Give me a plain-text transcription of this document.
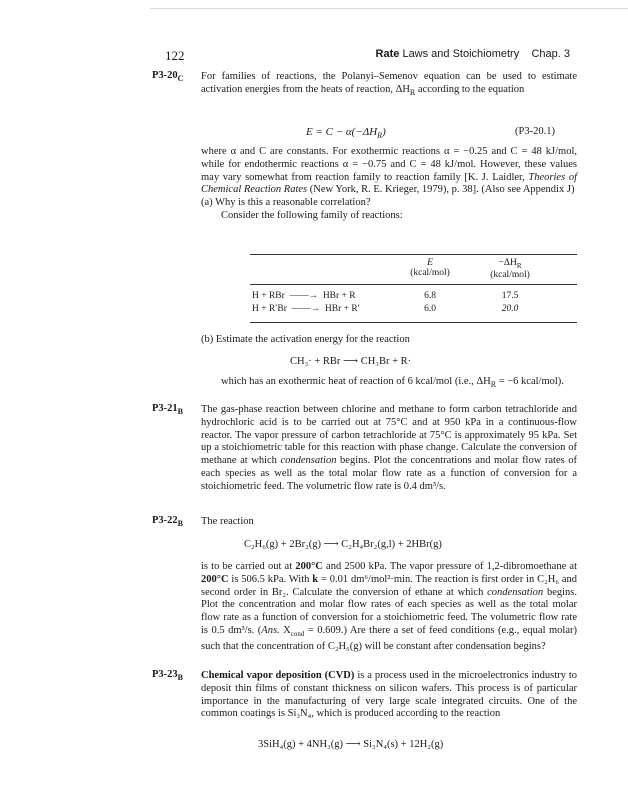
122	Rate Laws and Stoichiometry Chap. 3
$P3-20_C$ For families of reactions, the Polanyi–Semenov equation can be used to estimate activation energies from the heats of reaction, $\Delta H_R$ according to the equation

$E = C - \alpha(-\Delta H_R)$	(P3-20.1)

where α and C are constants. For exothermic reactions α = −0.25 and C = 48 kJ/mol, while for endothermic reactions α = −0.75 and C = 48 kJ/mol. However, these values may vary somewhat from reaction family to reaction family [K. J. Laidler, Theories of Chemical Reaction Rates (New York, R. E. Krieger, 1979), p. 38]. (Also see Appendix J)

(a) Why is this a reasonable correlation?

Consider the following family of reactions:

E
(kcal/mol)
$-\Delta H_R$
(kcal/mol)
H + RBr  ——→  HBr + R	6.8	17.5
H + R′Br  ——→  HBr + R′	6.0	20.0
(b) Estimate the activation energy for the reaction
CH₃· + RBr ⟶ CH₃Br + R·
which has an exothermic heat of reaction of 6 kcal/mol (i.e., $\Delta H_R = -6$ kcal/mol).
$P3-21_B$ The gas-phase reaction between chlorine and methane to form carbon tetrachloride and hydrochloric acid is to be carried out at 75°C and at 950 kPa in a continuous-flow reactor. The vapor pressure of carbon tetrachloride at 75°C is approximately 95 kPa. Set up a stoichiometric table for this reaction with phase change. Calculate the conversion of methane at which condensation begins. Plot the concentrations and molar flow rates of each species as well as the total molar flow rate as a function of conversion for a stoichiometric feed. The volumetric flow rate is 0.4 dm³/s.

$P3-22_B$ The reaction
C₂H₆(g) + 2Br₂(g) ⟶ C₂H₄Br₂(g,l) + 2HBr(g)

is to be carried out at 200°C and 2500 kPa. The vapor pressure of 1,2-dibromoethane at 200°C is 506.5 kPa. With k = 0.01 dm⁶/mol²·min. The reaction is first order in C₂H₆ and second order in Br₂. Calculate the conversion of ethane at which condensation begins. Plot the concentration and molar flow rates of each species as well as the total molar flow rate as a function of conversion for a stoichiometric feed. The volumetric flow rate is 0.5 dm³/s. (Ans. $X_{cond} = 0.609$.) Are there a set of feed conditions (e.g., equal molar) such that the concentration of C₂H₆(g) will be constant after condensation begins?

$P3-23_B$ Chemical vapor deposition (CVD) is a process used in the microelectronics industry to deposit thin films of constant thickness on silicon wafers. This process is of particular importance in the manufacturing of very large scale integrated circuits. One of the common coatings is Si₃N₄, which is produced according to the reaction

3SiH₄(g) + 4NH₃(g) ⟶ Si₃N₄(s) + 12H₂(g)
